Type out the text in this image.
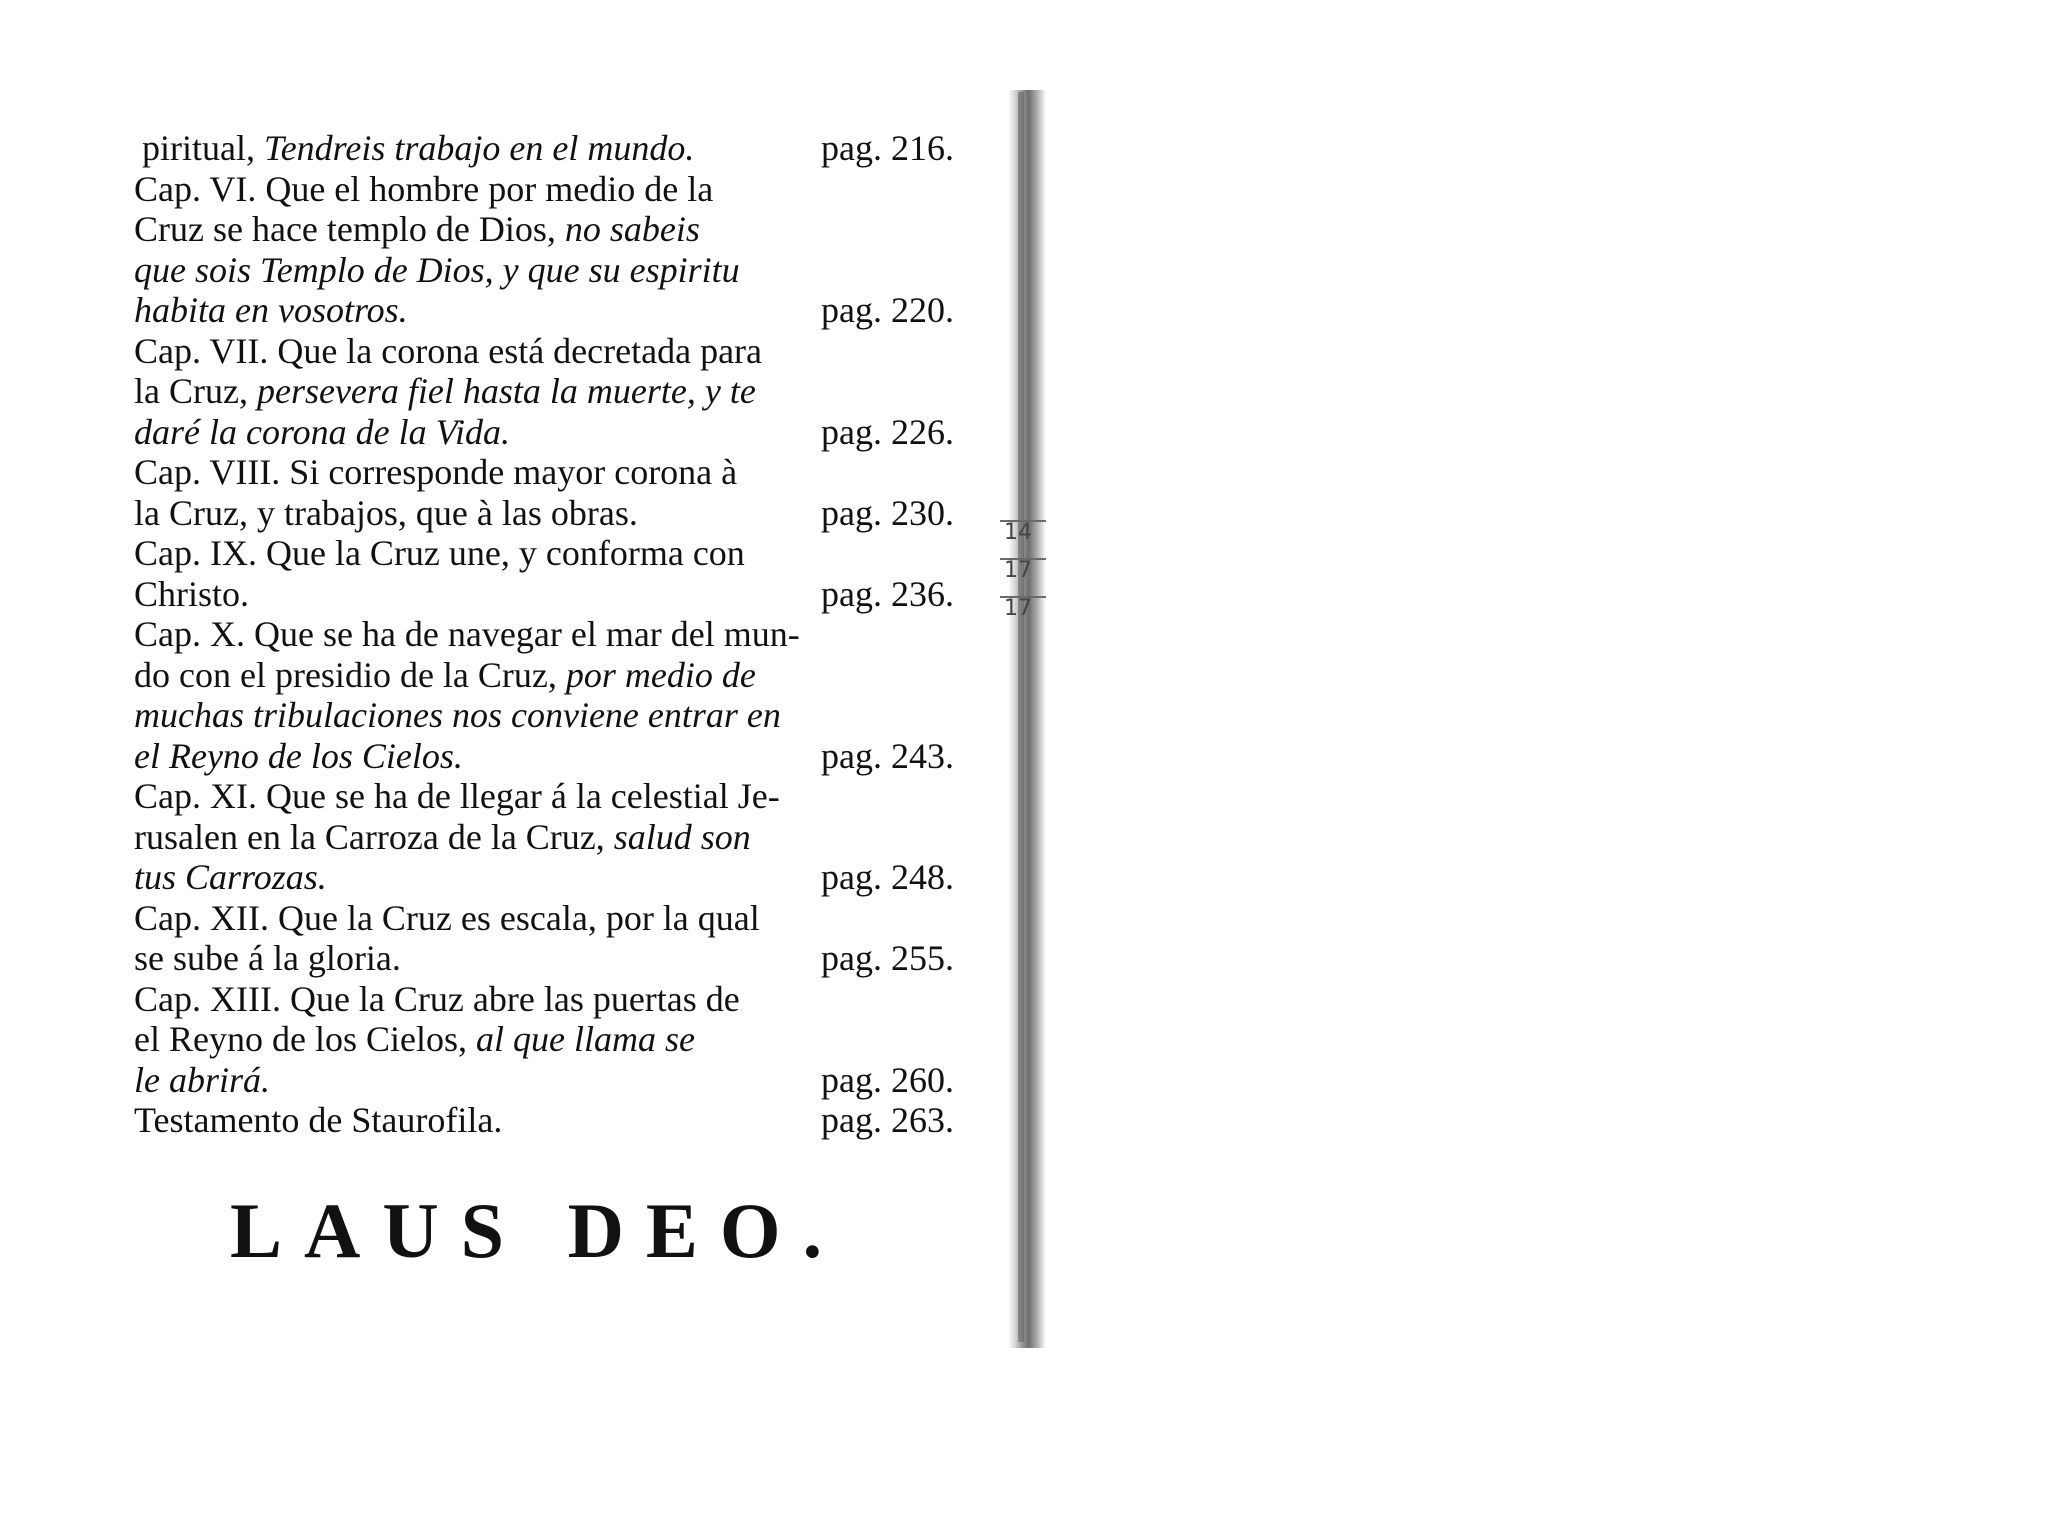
piritual, Tendreis trabajo en el mundo.	pag. 216.
Cap. VI. Que el hombre por medio de la
Cruz se hace templo de Dios, no sabeis
que sois Templo de Dios, y que su espiritu
habita en vosotros.	pag. 220.
Cap. VII. Que la corona está decretada para
la Cruz, persevera fiel hasta la muerte, y te
daré la corona de la Vida.	pag. 226.
Cap. VIII. Si corresponde mayor corona à
la Cruz, y trabajos, que à las obras.	pag. 230.
Cap. IX. Que la Cruz une, y conforma con
Christo.	pag. 236.
Cap. X. Que se ha de navegar el mar del mun-
do con el presidio de la Cruz, por medio de
muchas tribulaciones nos conviene entrar en
el Reyno de los Cielos.	pag. 243.
Cap. XI. Que se ha de llegar á la celestial Je-
rusalen en la Carroza de la Cruz, salud son
tus Carrozas.	pag. 248.
Cap. XII. Que la Cruz es escala, por la qual
se sube á la gloria.	pag. 255.
Cap. XIII. Que la Cruz abre las puertas de
el Reyno de los Cielos, al que llama se
le abrirá.	pag. 260.
Testamento de Staurofila.	pag. 263.
LAUS DEO.
14
17
17
